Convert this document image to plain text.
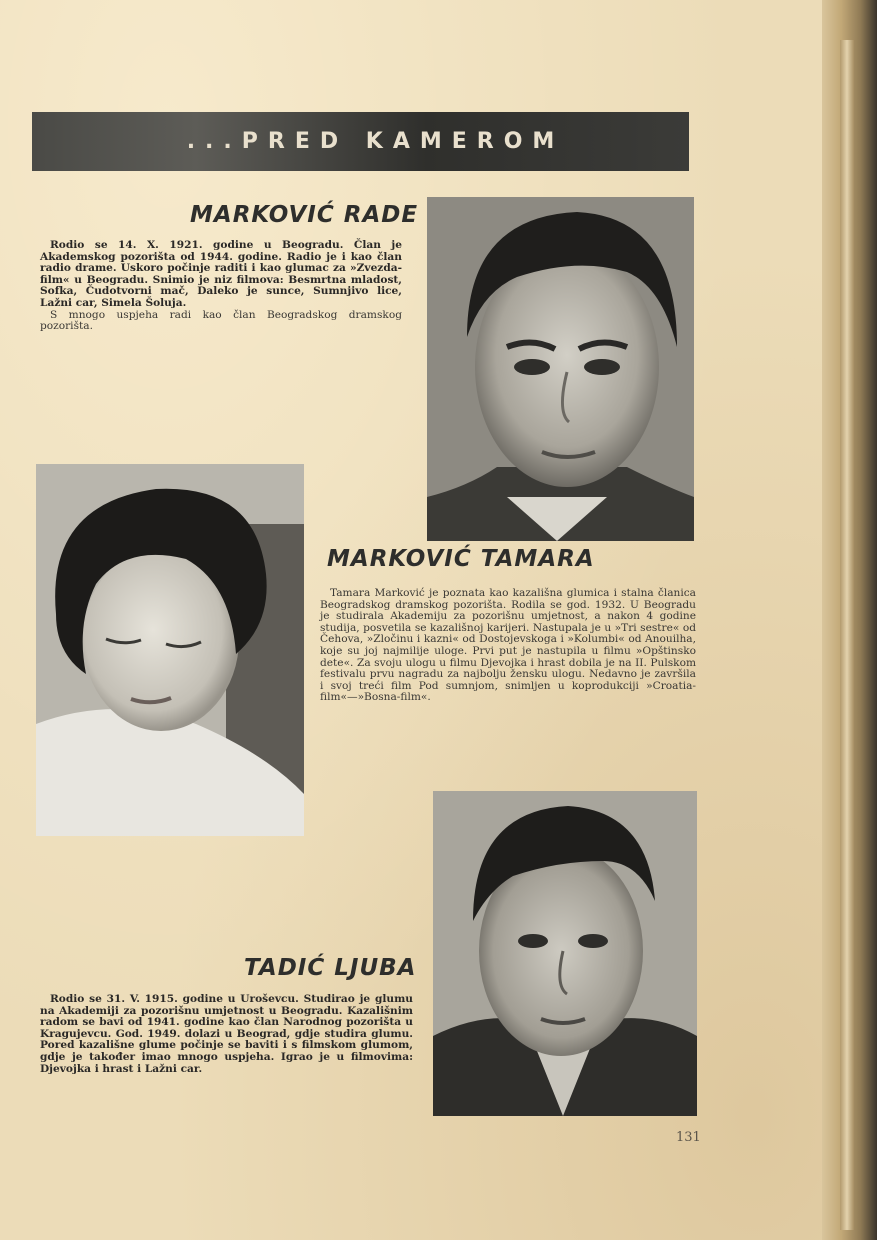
...PRED KAMEROM
MARKOVIĆ RADE

Rodio se 14. X. 1921. godine u Beogradu. Član je Akademskog pozorišta od 1944. godine. Radio je i kao član radio drame. Uskoro počinje raditi i kao glumac za »Zvezda-film« u Beogradu. Snimio je niz filmova: Besmrtna mladost, Sofka, Čudotvorni mač, Daleko je sunce, Sumnjivo lice, Lažni car, Simela Šoluja.

S mnogo uspjeha radi kao član Beogradskog dramskog pozorišta.

MARKOVIĆ TAMARA

Tamara Marković je poznata kao kazališna glumica i stalna članica Beogradskog dramskog pozorišta. Rodila se god. 1932. U Beogradu je studirala Akademiju za pozorišnu umjetnost, a nakon 4 godine studija, posvetila se kazališnoj karijeri. Nastupala je u »Tri sestre« od Čehova, »Zločinu i kazni« od Dostojevskoga i »Kolumbi« od Anouilha, koje su joj najmilije uloge. Prvi put je nastupila u filmu »Opštinsko dete«. Za svoju ulogu u filmu Djevojka i hrast dobila je na II. Pulskom festivalu prvu nagradu za najbolju žensku ulogu. Nedavno je završila i svoj treći film Pod sumnjom, snimljen u koprodukciji »Croatia-film«—»Bosna-film«.

TADIĆ LJUBA

Rodio se 31. V. 1915. godine u Uroševcu. Studirao je glumu na Akademiji za pozorišnu umjetnost u Beogradu. Kazališnim radom se bavi od 1941. godine kao član Narodnog pozorišta u Kragujevcu. God. 1949. dolazi u Beograd, gdje studira glumu. Pored kazališne glume počinje se baviti i s filmskom glumom, gdje je također imao mnogo uspjeha. Igrao je u filmovima: Djevojka i hrast i Lažni car.

131
